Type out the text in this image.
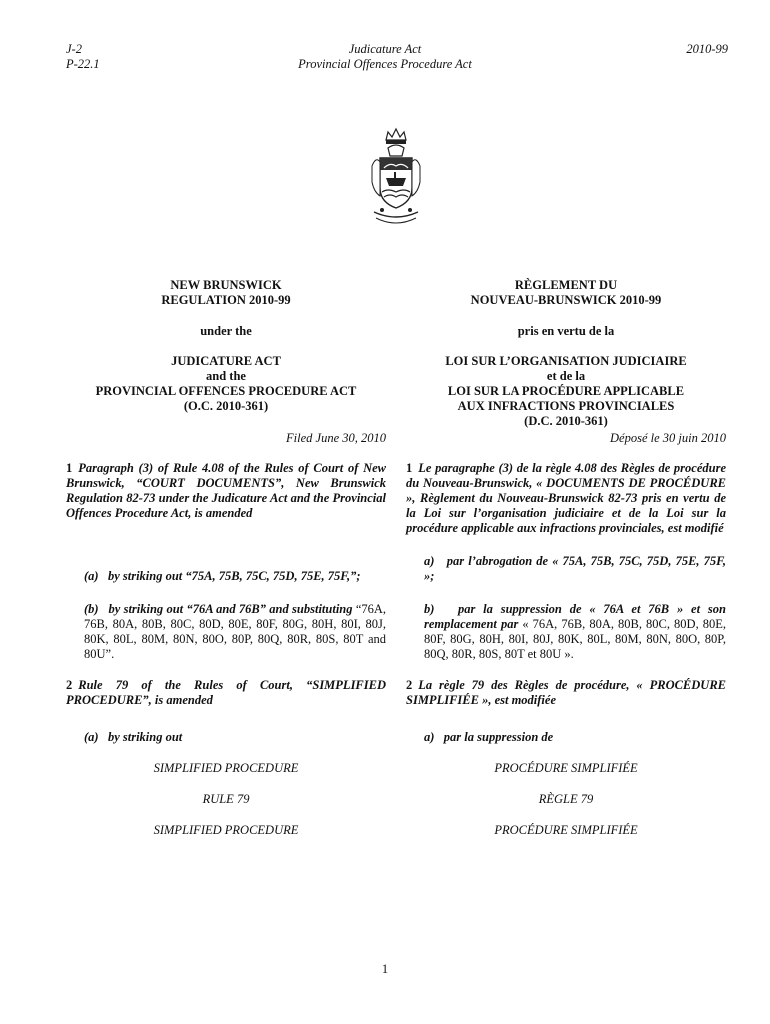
J-2
P-22.1
Judicature Act
Provincial Offences Procedure Act
2010-99
NEW BRUNSWICK
REGULATION 2010-99
under the
JUDICATURE ACT
and the
PROVINCIAL OFFENCES PROCEDURE ACT
(O.C. 2010-361)
Filed June 30, 2010
1 Paragraph (3) of Rule 4.08 of the Rules of Court of New Brunswick, “COURT DOCUMENTS”, New Brunswick Regulation 82-73 under the Judicature Act and the Provincial Offences Procedure Act, is amended
(a) by striking out “75A, 75B, 75C, 75D, 75E, 75F,”;
(b) by striking out “76A and 76B” and substituting “76A, 76B, 80A, 80B, 80C, 80D, 80E, 80F, 80G, 80H, 80I, 80J, 80K, 80L, 80M, 80N, 80O, 80P, 80Q, 80R, 80S, 80T and 80U”.
2 Rule 79 of the Rules of Court, “SIMPLIFIED PROCEDURE”, is amended
(a) by striking out
SIMPLIFIED PROCEDURE
RULE 79
SIMPLIFIED PROCEDURE
RÈGLEMENT DU
NOUVEAU-BRUNSWICK 2010-99
pris en vertu de la
LOI SUR L’ORGANISATION JUDICIAIRE
et de la
LOI SUR LA PROCÉDURE APPLICABLE
AUX INFRACTIONS PROVINCIALES
(D.C. 2010-361)
Déposé le 30 juin 2010
1 Le paragraphe (3) de la règle 4.08 des Règles de procédure du Nouveau-Brunswick, « DOCUMENTS DE PROCÉDURE », Règlement du Nouveau-Brunswick 82-73 pris en vertu de la Loi sur l’organisation judiciaire et de la Loi sur la procédure applicable aux infractions provinciales, est modifié
a) par l’abrogation de « 75A, 75B, 75C, 75D, 75E, 75F, »;
b) par la suppression de « 76A et 76B » et son remplacement par « 76A, 76B, 80A, 80B, 80C, 80D, 80E, 80F, 80G, 80H, 80I, 80J, 80K, 80L, 80M, 80N, 80O, 80P, 80Q, 80R, 80S, 80T et 80U ».
2 La règle 79 des Règles de procédure, « PROCÉDURE SIMPLIFIÉE », est modifiée
a) par la suppression de
PROCÉDURE SIMPLIFIÉE
RÈGLE 79
PROCÉDURE SIMPLIFIÉE
1
